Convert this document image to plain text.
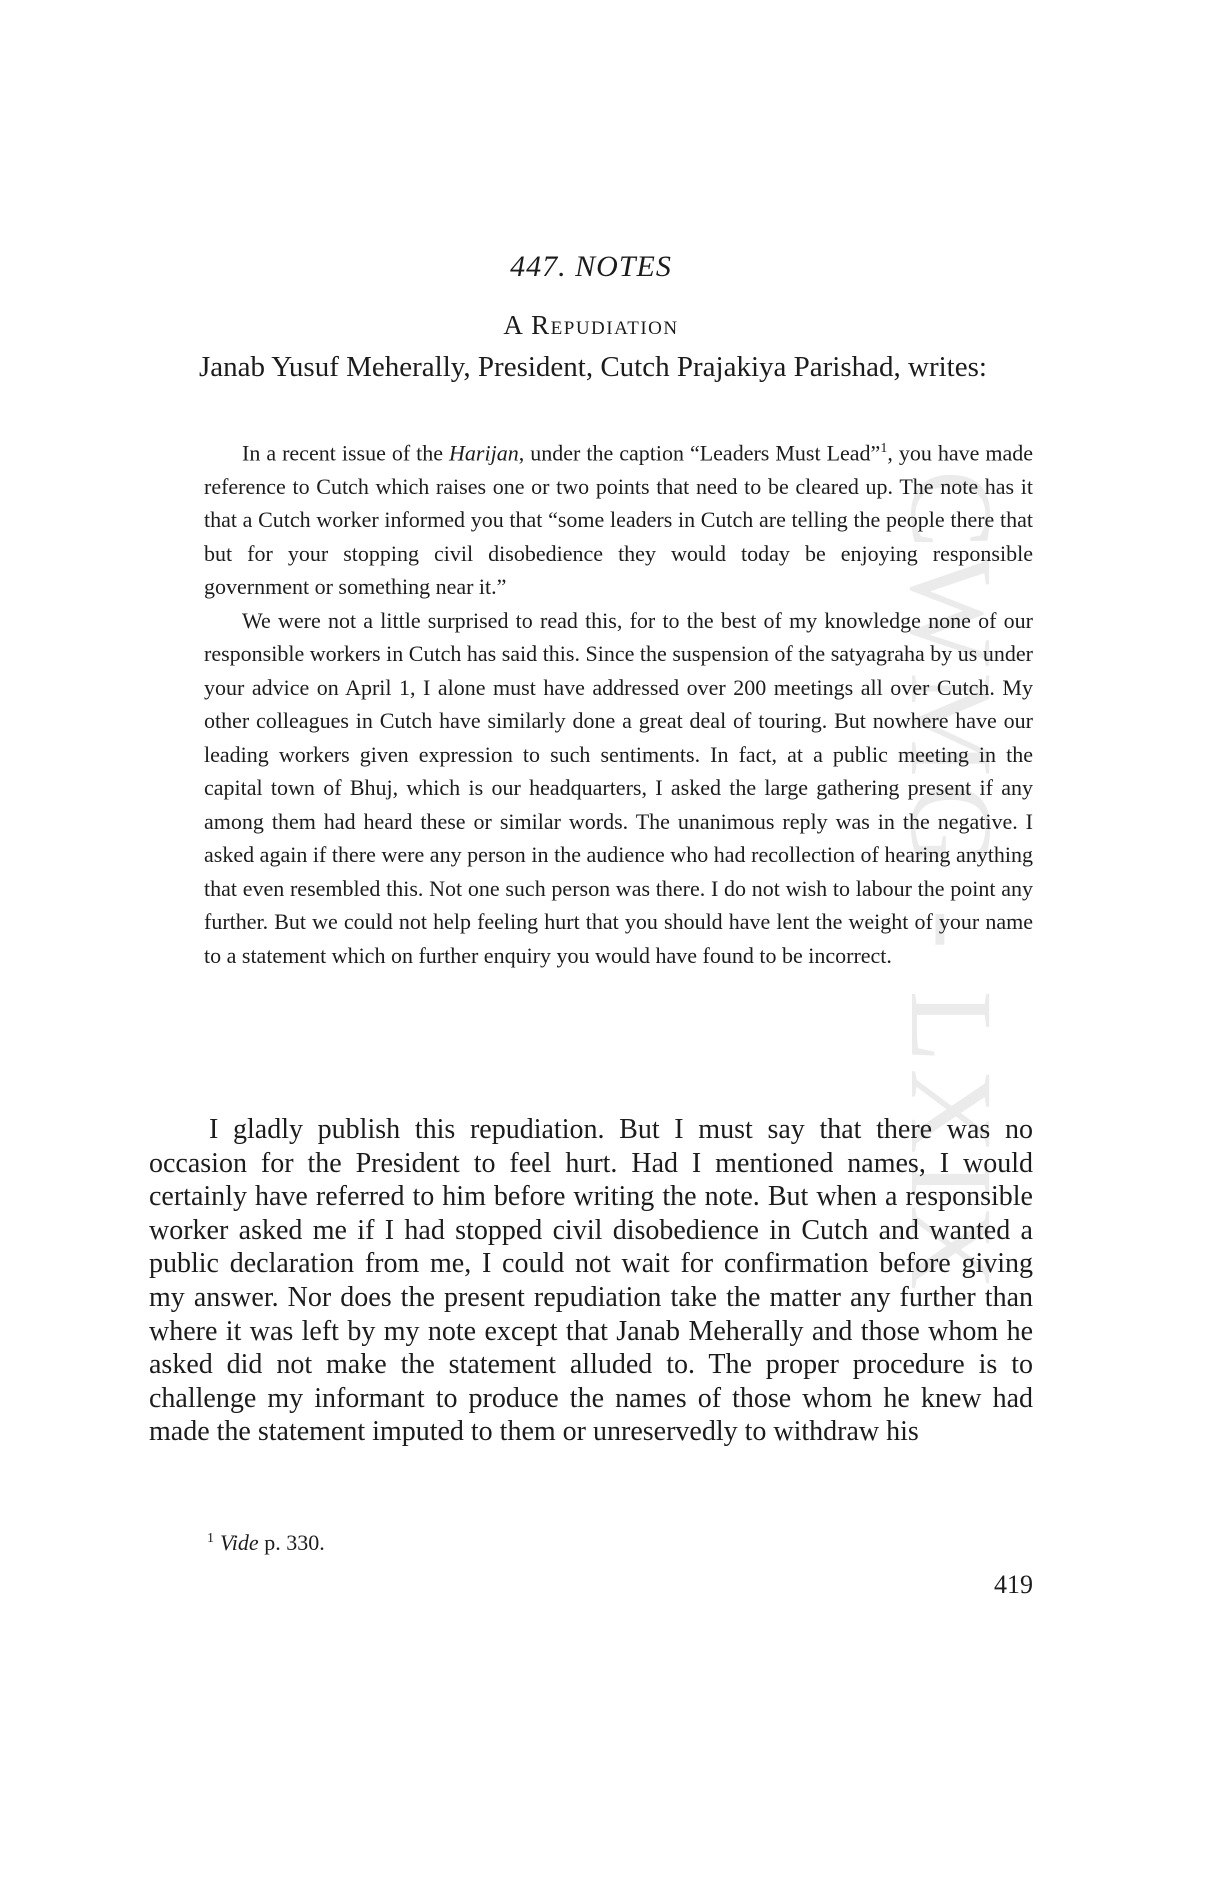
CWMG - LXIX
447. NOTES
A Repudiation

Janab Yusuf Meherally, President, Cutch Prajakiya Parishad, writes:

In a recent issue of the Harijan, under the caption “Leaders Must Lead”$^1$, you have made reference to Cutch which raises one or two points that need to be cleared up. The note has it that a Cutch worker informed you that “some leaders in Cutch are telling the people there that but for your stopping civil disobedience they would today be enjoying responsible government or something near it.”

We were not a little surprised to read this, for to the best of my knowledge none of our responsible workers in Cutch has said this. Since the suspension of the satyagraha by us under your advice on April 1, I alone must have addressed over 200 meetings all over Cutch. My other colleagues in Cutch have similarly done a great deal of touring. But nowhere have our leading workers given expression to such sentiments. In fact, at a public meeting in the capital town of Bhuj, which is our headquarters, I asked the large gathering present if any among them had heard these or similar words. The unanimous reply was in the negative. I asked again if there were any person in the audience who had recollection of hearing anything that even resembled this. Not one such person was there. I do not wish to labour the point any further. But we could not help feeling hurt that you should have lent the weight of your name to a statement which on further enquiry you would have found to be incorrect.

I gladly publish this repudiation. But I must say that there was no occasion for the President to feel hurt. Had I mentioned names, I would certainly have referred to him before writing the note. But when a responsible worker asked me if I had stopped civil disobedience in Cutch and wanted a public declaration from me, I could not wait for confirmation before giving my answer. Nor does the present repudiation take the matter any further than where it was left by my note except that Janab Meherally and those whom he asked did not make the statement alluded to. The proper procedure is to challenge my informant to produce the names of those whom he knew had made the statement imputed to them or unreservedly to withdraw his

$^1$ Vide p. 330.
419
